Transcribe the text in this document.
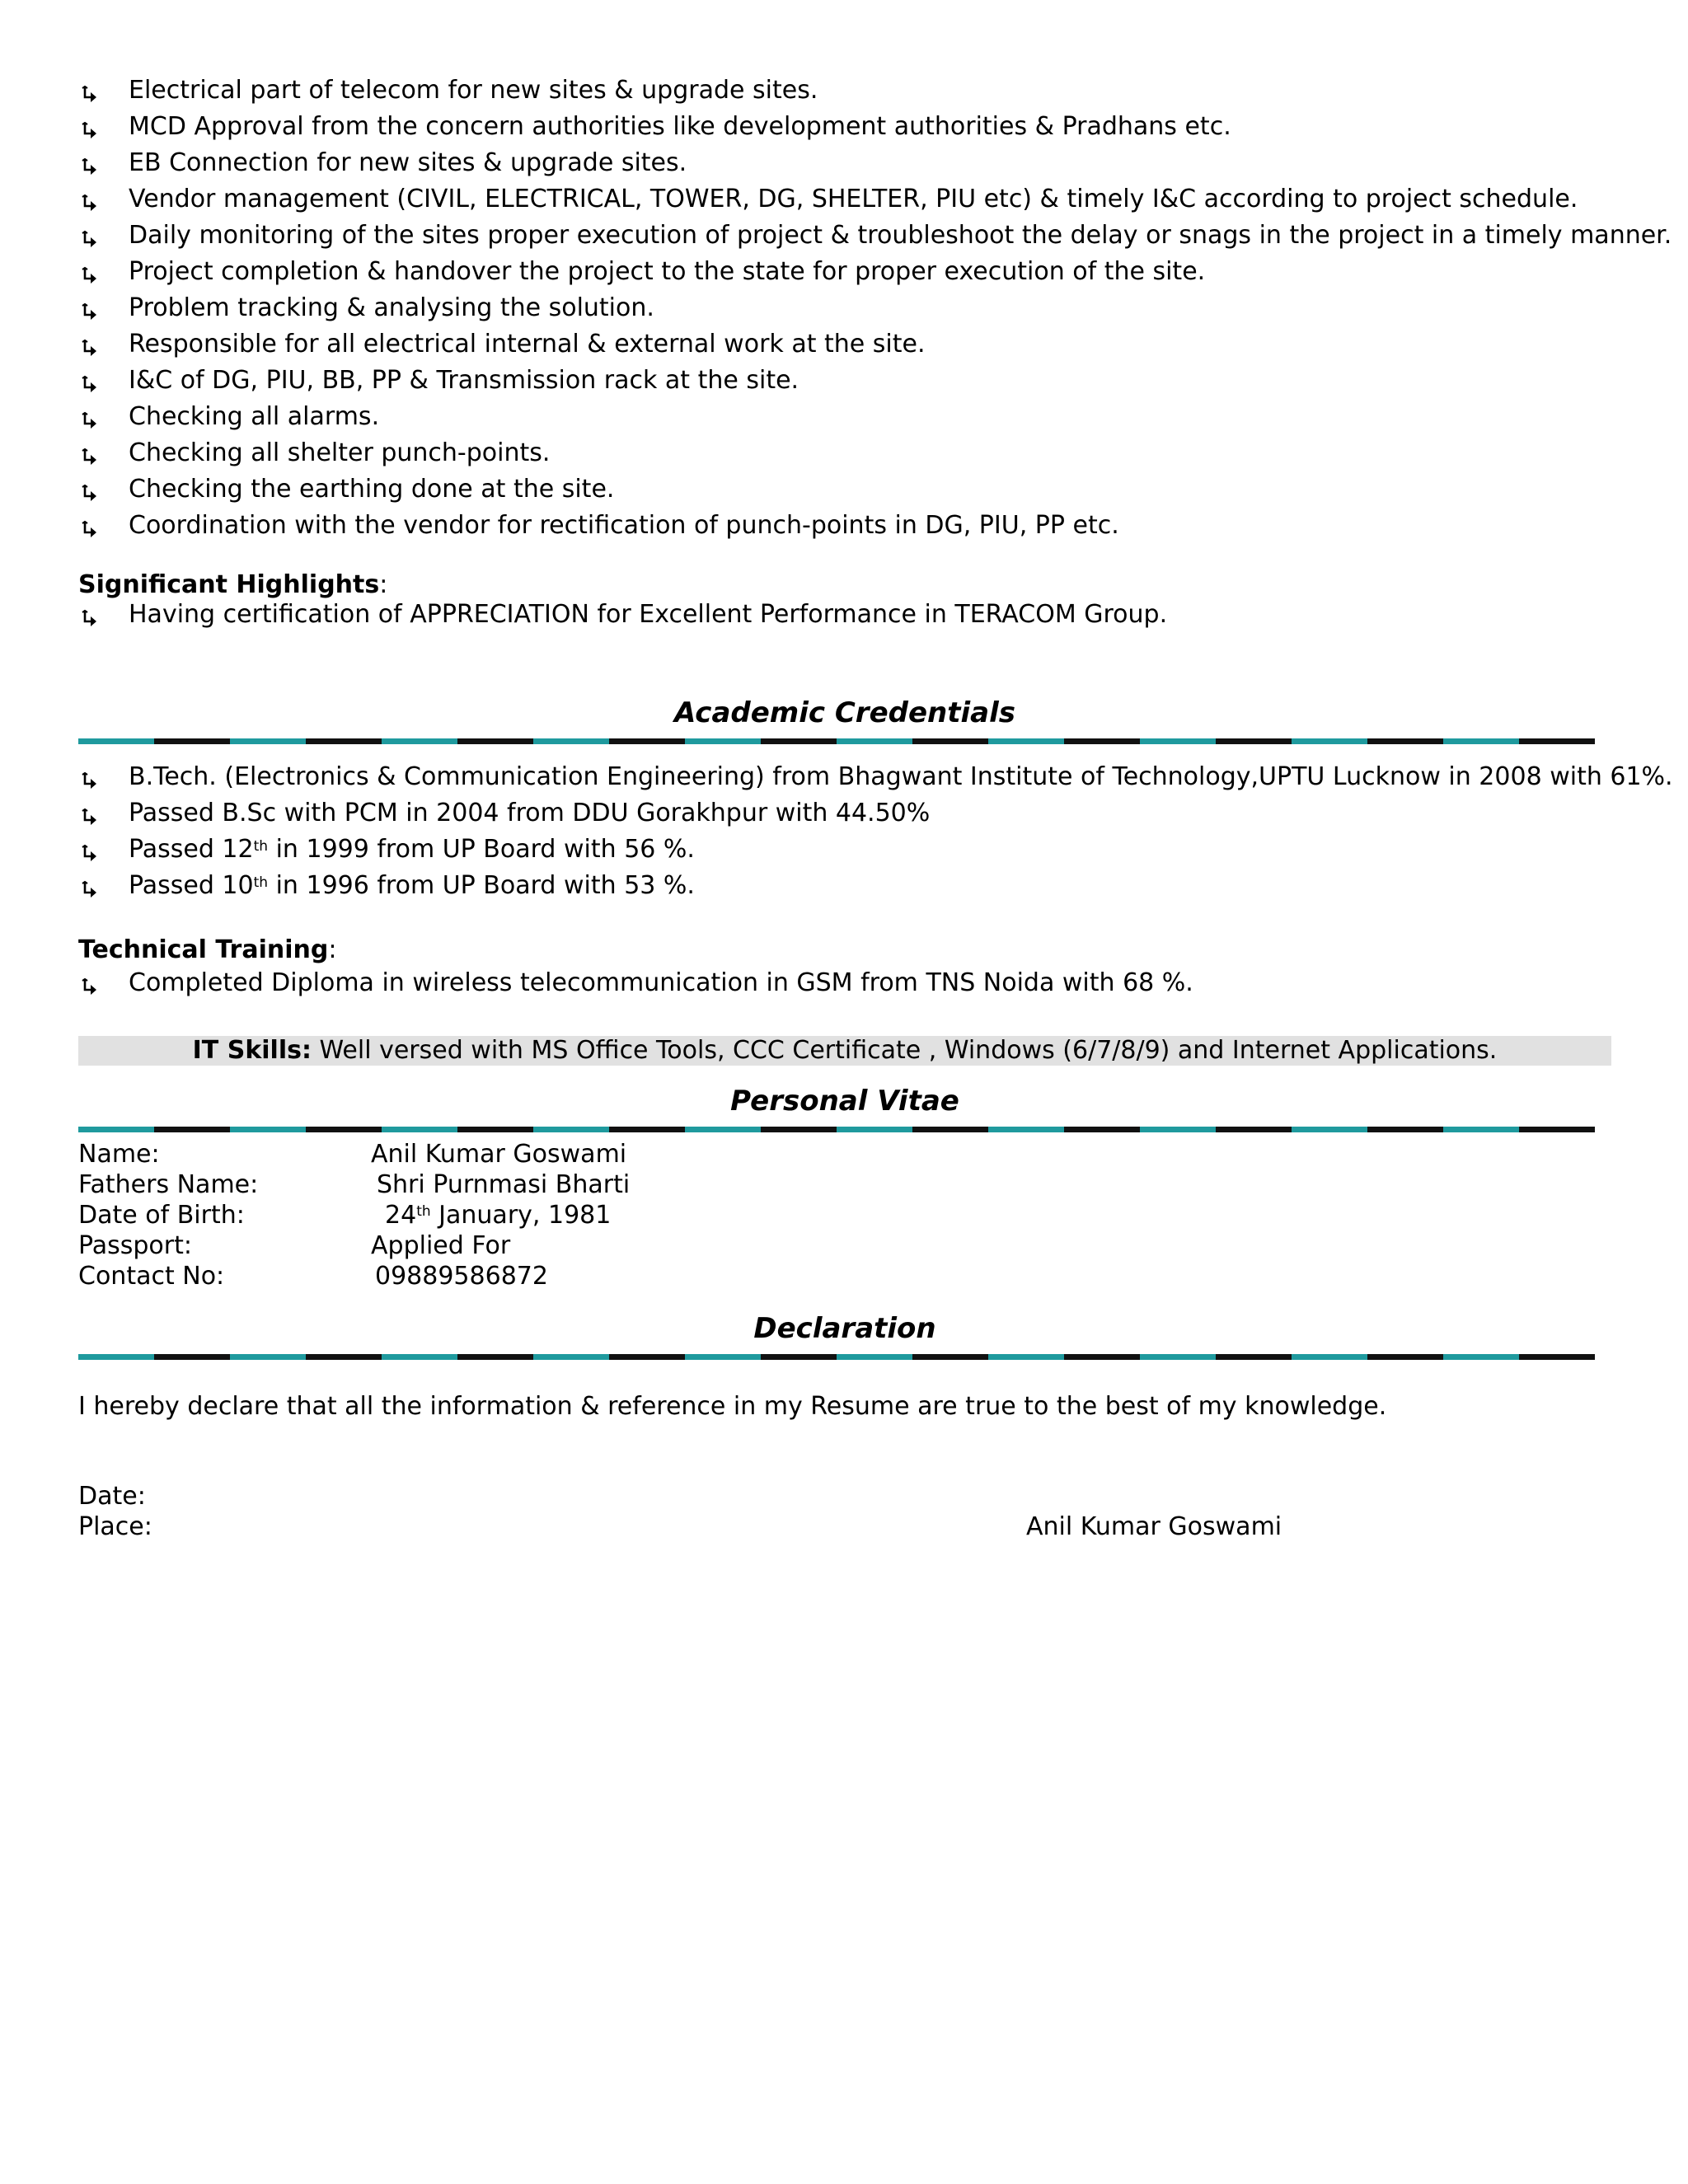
Electrical part of telecom for new sites & upgrade sites.
MCD Approval from the concern authorities like development authorities & Pradhans etc.
EB Connection for new sites & upgrade sites.
Vendor management (CIVIL, ELECTRICAL, TOWER, DG, SHELTER, PIU etc) & timely I&C according to project schedule.
Daily monitoring of the sites proper execution of project & troubleshoot the delay or snags in the project in a timely manner.
Project completion & handover the project to the state for proper execution of the site.
Problem tracking & analysing the solution.
Responsible for all electrical internal & external work at the site.
I&C of DG, PIU, BB, PP & Transmission rack at the site.
Checking all alarms.
Checking all shelter punch-points.
Checking the earthing done at the site.
Coordination with the vendor for rectification of punch-points in DG, PIU, PP etc.

Significant Highlights:

Having certification of APPRECIATION for Excellent Performance in TERACOM Group.
Academic Credentials
B.Tech. (Electronics & Communication Engineering) from Bhagwant Institute of Technology,UPTU Lucknow in 2008 with 61%.
Passed B.Sc with PCM in 2004 from DDU Gorakhpur with 44.50%
Passed 12th in 1999 from UP Board with 56 %.
Passed 10th in 1996 from UP Board with 53 %.

Technical Training:

Completed Diploma in wireless telecommunication in GSM from TNS Noida with 68 %.
IT Skills: Well versed with MS Office Tools, CCC Certificate , Windows (6/7/8/9) and Internet Applications.
Personal Vitae
Name:	Anil Kumar Goswami
Fathers Name:	Shri Purnmasi Bharti
Date of Birth:	24th January, 1981
Passport:	Applied For
Contact No:	09889586872
Declaration

I hereby declare that all the information & reference in my Resume are true to the best of my knowledge.

Date:

Place:	Anil Kumar Goswami
